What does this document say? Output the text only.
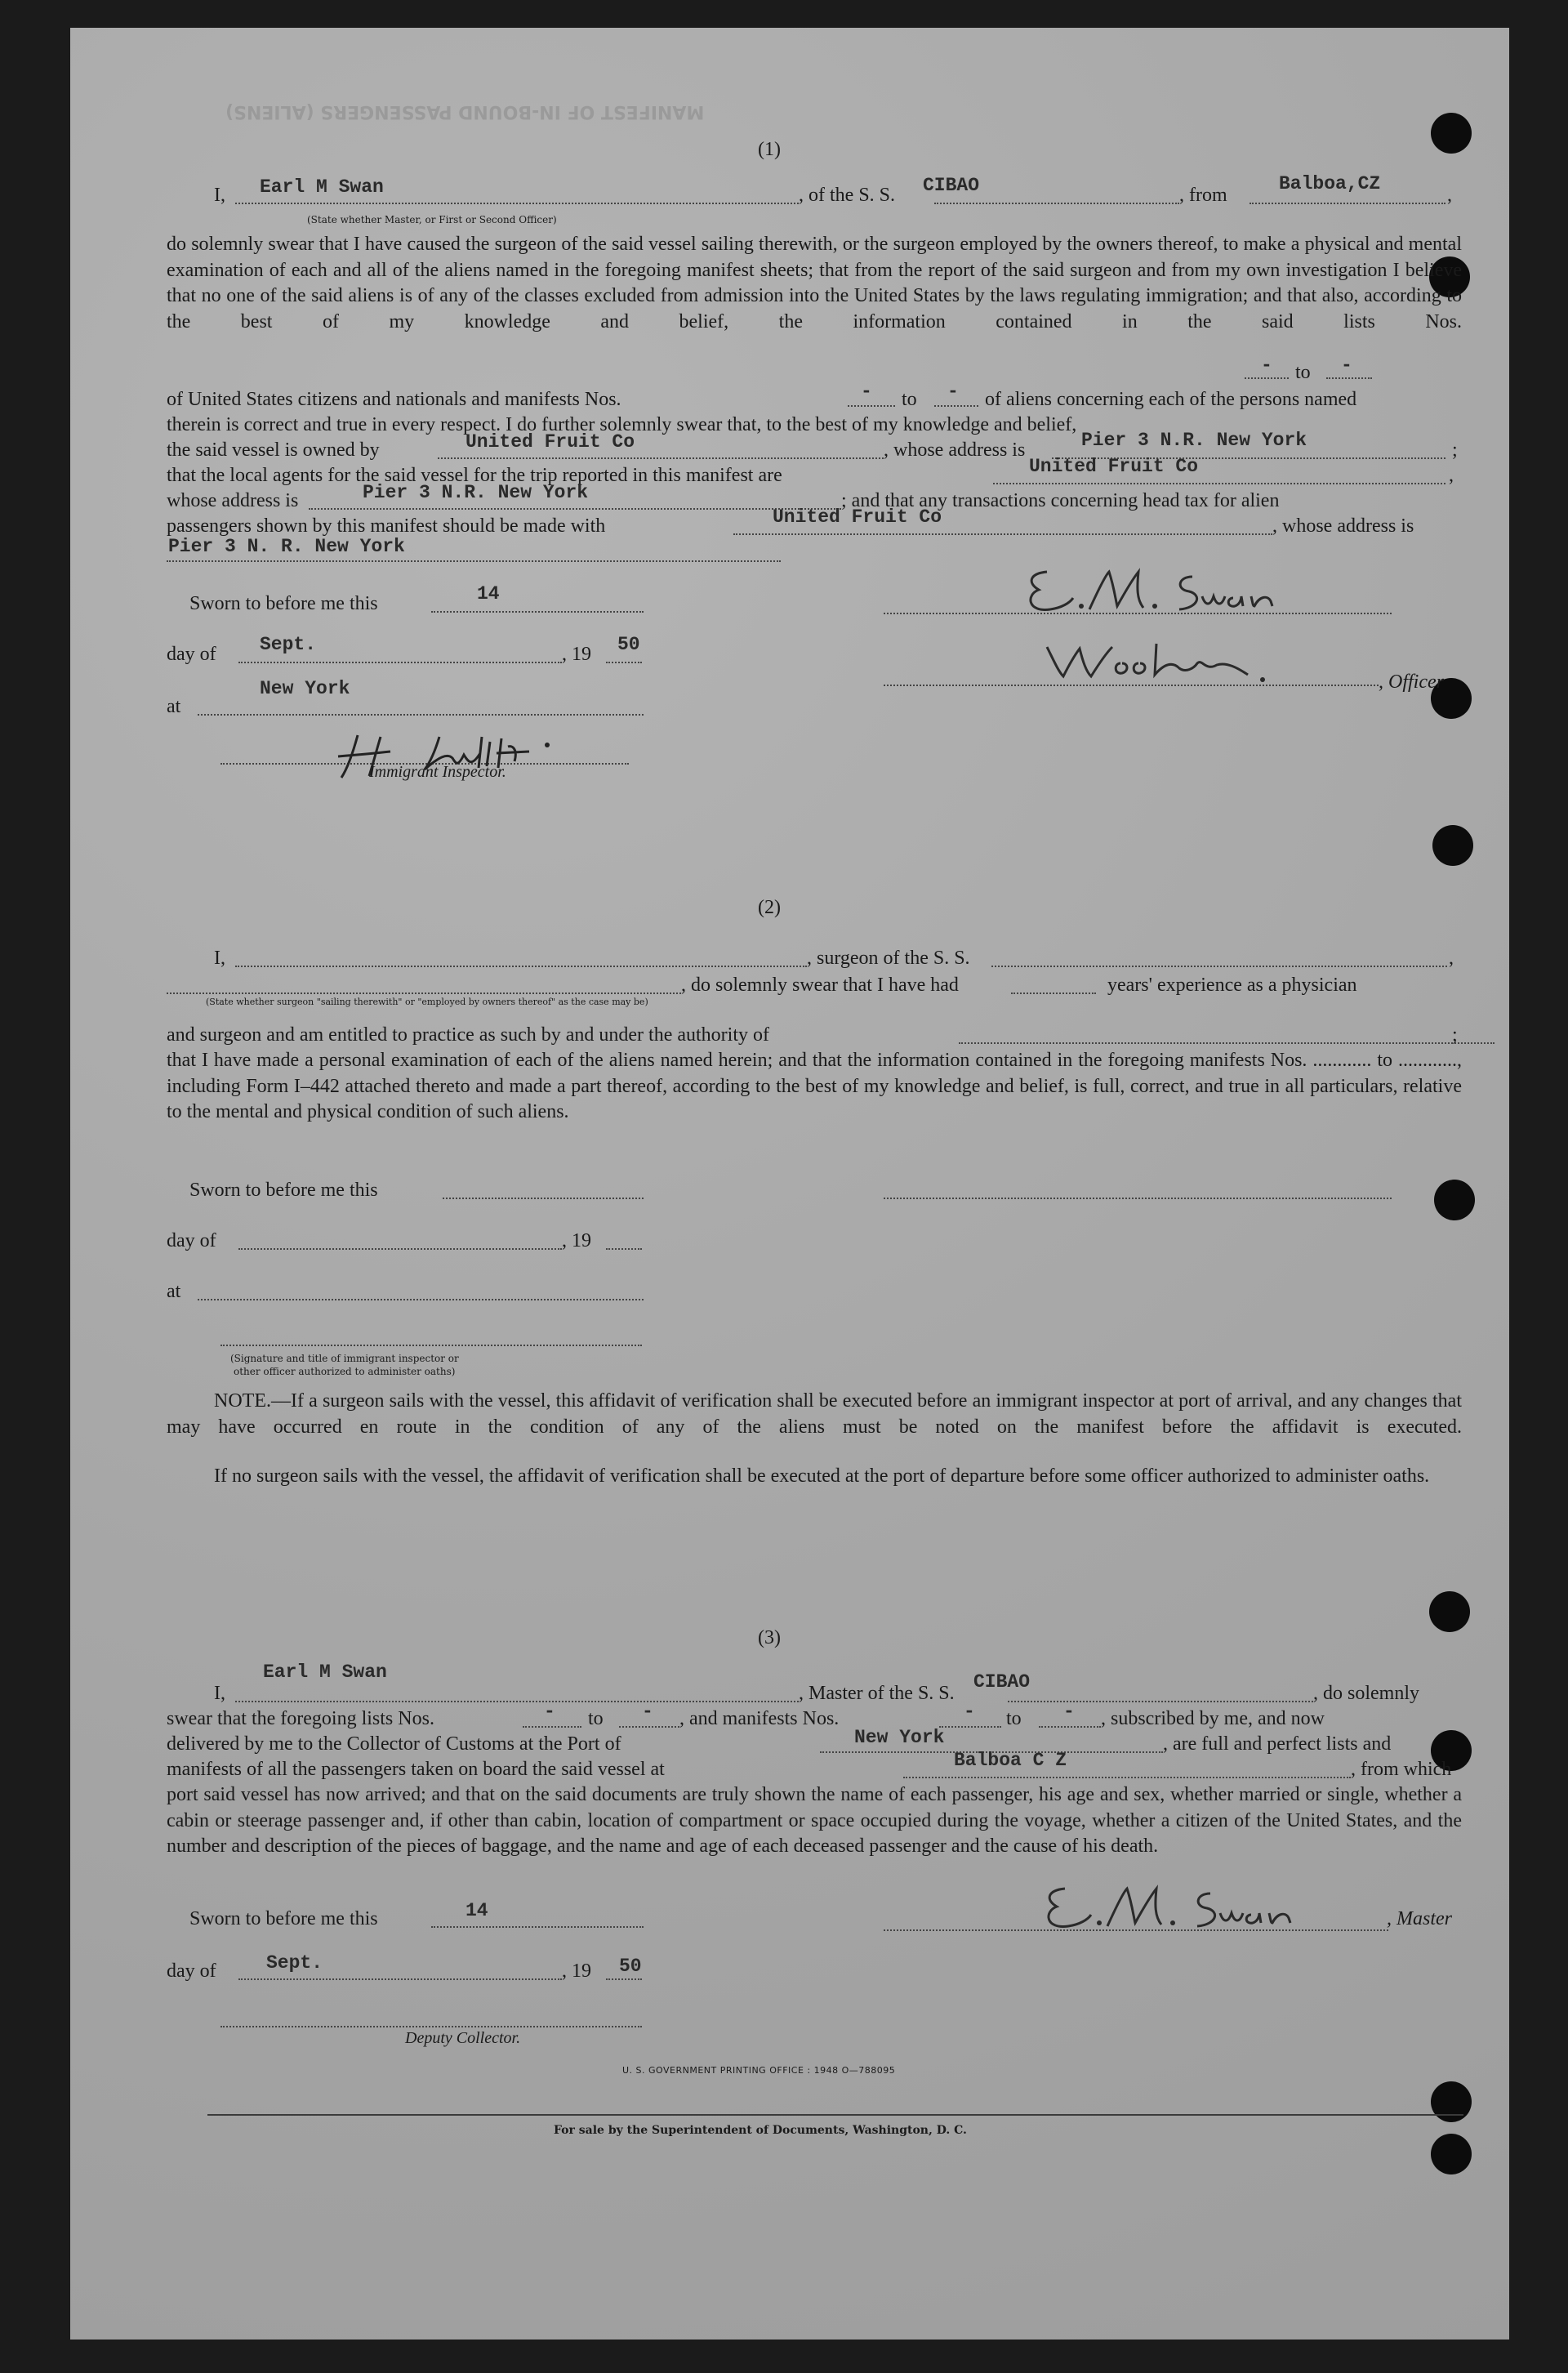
MANIFEST OF IN-BOUND PASSENGERS (ALIENS)
(1)
I, Earl M Swan	, of the S. S. CIBAO	, from
Balboa,CZ
,
(State whether Master, or First or Second Officer)
do solemnly swear that I have caused the surgeon of the said vessel sailing therewith, or the surgeon employed by the owners thereof, to make a physical and mental examination of each and all of the aliens named in the foregoing manifest sheets; that from the report of the said surgeon and from my own investigation I believe that no one of the said aliens is of any of the classes excluded from admission into the United States by the laws regulating immigration; and that also, according to the best of my knowledge and belief, the information contained in the said lists Nos.
- to -
of United States citizens and nationals and manifests Nos.	- to - of aliens concerning each of the persons named
therein is correct and true in every respect. I do further solemnly swear that, to the best of my knowledge and belief,
the said vessel is owned by	United Fruit Co	, whose address is	Pier 3 N.R. New York	;
that the local agents for the said vessel for the trip reported in this manifest are	United Fruit Co	,
whose address is	Pier 3 N.R. New York	; and that any transactions concerning head tax for alien
passengers shown by this manifest should be made with	United Fruit Co	, whose address is
Pier 3 N. R. New York
Sworn to before me this	14
day of Sept.	, 19 50
at
New York
Immigrant Inspector.
, Officer
(2)
I,	, surgeon of the S. S.	,
, do solemnly swear that I have had	years' experience as a physician
(State whether surgeon "sailing therewith" or "employed by owners thereof" as the case may be)
and surgeon and am entitled to practice as such by and under the authority of	;
that I have made a personal examination of each of the aliens named herein; and that the information contained in the foregoing manifests Nos. ............ to ............, including Form I–442 attached thereto and made a part thereof, according to the best of my knowledge and belief, is full, correct, and true in all particulars, relative to the mental and physical condition of such aliens.
Sworn to before me this
day of	, 19
at
(Signature and title of immigrant inspector or
other officer authorized to administer oaths)
NOTE.—If a surgeon sails with the vessel, this affidavit of verification shall be executed before an immigrant inspector at port of arrival, and any changes that may have occurred en route in the condition of any of the aliens must be noted on the manifest before the affidavit is executed.
If no surgeon sails with the vessel, the affidavit of verification shall be executed at the port of departure before some officer authorized to administer oaths.
(3)
I,
Earl M Swan
, Master of the S. S.
CIBAO
, do solemnly
swear that the foregoing lists Nos.	- to - , and manifests Nos.	- to - , subscribed by me, and now
delivered by me to the Collector of Customs at the Port of	New York	, are full and perfect lists and
manifests of all the passengers taken on board the said vessel at	Balboa C Z	, from which
port said vessel has now arrived; and that on the said documents are truly shown the name of each passenger, his age and sex, whether married or single, whether a cabin or steerage passenger and, if other than cabin, location of compartment or space occupied during the voyage, whether a citizen of the United States, and the number and description of the pieces of baggage, and the name and age of each deceased passenger and the cause of his death.
Sworn to before me this	14	, Master
day of	Sept.	, 19 50
Deputy Collector.
U. S. GOVERNMENT PRINTING OFFICE : 1948 O—788095
For sale by the Superintendent of Documents, Washington, D. C.
